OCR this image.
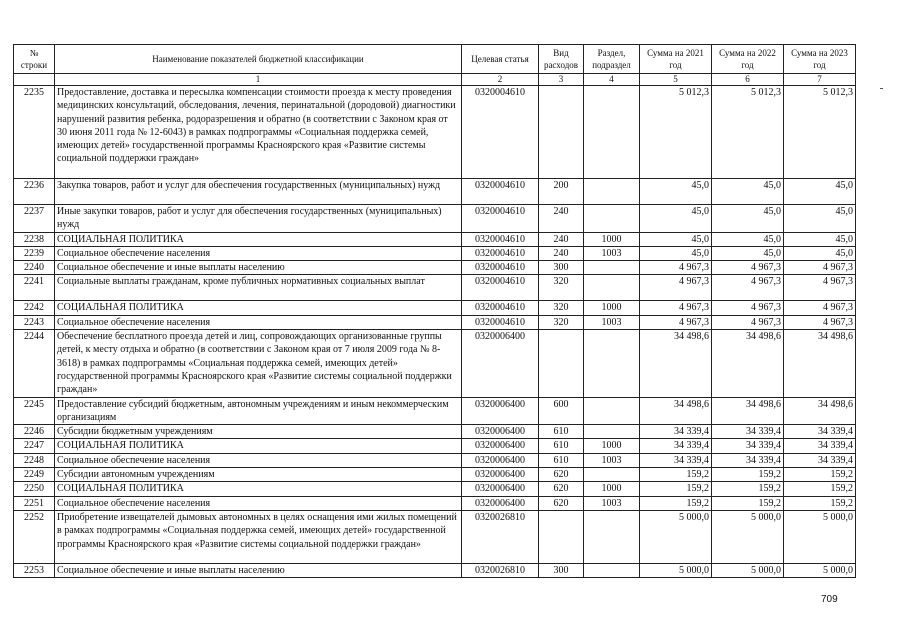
№ строки	Наименование показателей бюджетной классификации	Целевая статья	Вид расходов	Раздел, подраздел	Сумма на 2021 год	Сумма на 2022 год	Сумма на 2023 год
	1	2	3	4	5	6	7
2235	Предоставление, доставка и пересылка компенсации стоимости проезда к месту проведения медицинских консультаций, обследования, лечения, перинатальной (дородовой) диагностики нарушений развития ребенка, родоразрешения и обратно (в соответствии с Законом края от 30 июня 2011 года № 12-6043) в рамках подпрограммы «Социальная поддержка семей, имеющих детей» государственной программы Красноярского края «Развитие системы социальной поддержки граждан»	0320004610			5 012,3	5 012,3	5 012,3
2236	Закупка товаров, работ и услуг для обеспечения государственных (муниципальных) нужд	0320004610	200		45,0	45,0	45,0
2237	Иные закупки товаров, работ и услуг для обеспечения государственных (муниципальных) нужд	0320004610	240		45,0	45,0	45,0
2238	СОЦИАЛЬНАЯ ПОЛИТИКА	0320004610	240	1000	45,0	45,0	45,0
2239	Социальное обеспечение населения	0320004610	240	1003	45,0	45,0	45,0
2240	Социальное обеспечение и иные выплаты населению	0320004610	300		4 967,3	4 967,3	4 967,3
2241	Социальные выплаты гражданам, кроме публичных нормативных социальных выплат	0320004610	320		4 967,3	4 967,3	4 967,3
2242	СОЦИАЛЬНАЯ ПОЛИТИКА	0320004610	320	1000	4 967,3	4 967,3	4 967,3
2243	Социальное обеспечение населения	0320004610	320	1003	4 967,3	4 967,3	4 967,3
2244	Обеспечение бесплатного проезда детей и лиц, сопровождающих организованные группы детей, к месту отдыха и обратно (в соответствии с Законом края от 7 июля 2009 года № 8-3618) в рамках подпрограммы «Социальная поддержка семей, имеющих детей» государственной программы Красноярского края «Развитие системы социальной поддержки граждан»	0320006400			34 498,6	34 498,6	34 498,6
2245	Предоставление субсидий бюджетным, автономным учреждениям и иным некоммерческим организациям	0320006400	600		34 498,6	34 498,6	34 498,6
2246	Субсидии бюджетным учреждениям	0320006400	610		34 339,4	34 339,4	34 339,4
2247	СОЦИАЛЬНАЯ ПОЛИТИКА	0320006400	610	1000	34 339,4	34 339,4	34 339,4
2248	Социальное обеспечение населения	0320006400	610	1003	34 339,4	34 339,4	34 339,4
2249	Субсидии автономным учреждениям	0320006400	620		159,2	159,2	159,2
2250	СОЦИАЛЬНАЯ ПОЛИТИКА	0320006400	620	1000	159,2	159,2	159,2
2251	Социальное обеспечение населения	0320006400	620	1003	159,2	159,2	159,2
2252	Приобретение извещателей дымовых автономных в целях оснащения ими жилых помещений в рамках подпрограммы «Социальная поддержка семей, имеющих детей» государственной программы Красноярского края «Развитие системы социальной поддержки граждан»	0320026810			5 000,0	5 000,0	5 000,0
2253	Социальное обеспечение и иные выплаты населению	0320026810	300		5 000,0	5 000,0	5 000,0
709
